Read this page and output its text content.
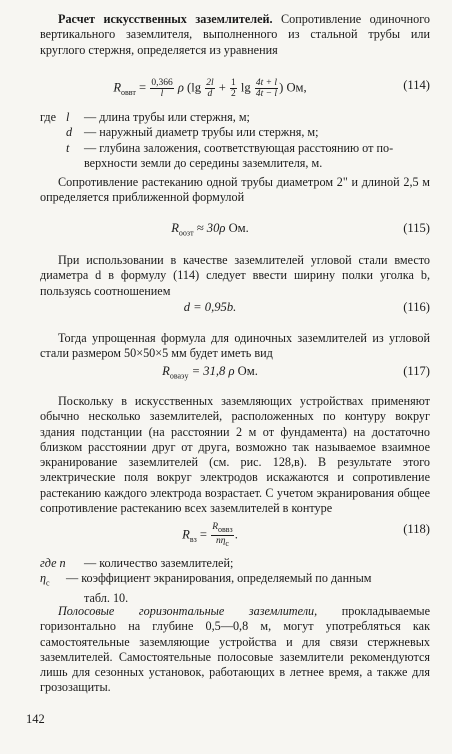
Расчет искусственных заземлителей. Сопротивление одиночного вертикального заземлителя, выполненного из стальной трубы или круглого стержня, определяется из уравнения
$R_{оввт} = \frac{0,366}{l}$ ρ ($\lg \frac{2l}{d} + \frac{1}{2}$ $\lg \frac{4t + l}{4t - l}$ ) Ом,	(114)
где l	— длина трубы или стержня, м;
d — наружный диаметр трубы или стержня, м;
t	— глубина заложения, соответствующая расстоянию от по-
верхности земли до середины заземлителя, м.
Сопротивление растеканию одной трубы диаметром 2" и длиной 2,5 м определяется приближенной формулой
$R_{оозт} \approx 30\rho$ Ом.	(115)
При использовании в качестве заземлителей угловой стали вместо диаметра d в формулу (114) следует ввести ширину полки уголка b, пользуясь соотношением
d = 0,95b.	(116)
Тогда упрощенная формула для одиночных заземлителей из угловой стали размером 50×50×5 мм будет иметь вид
$R_{оваэу} = 31,8$ ρ Ом.	(117)
Поскольку в искусственных заземляющих устройствах применяют обычно несколько заземлителей, расположенных по контуру вокруг здания подстанции (на расстоянии 2 м от фундамента) на достаточно близком расстоянии друг от друга, возможно так называемое взаимное экранирование заземлителей (см. рис. 128,в). В результате этого электрические поля вокруг электродов искажаются и сопротивление растеканию каждого электрода возрастает. С учетом экранирования общее сопротивление растеканию всех заземлителей в контуре
$R_{вз} = \frac{R_{оввз}}{n\eta_с}$ .	(118)
где n	— количество заземлителей;
$\eta_с$	— коэффициент экранирования, определяемый по данным
табл. 10.
Полосовые горизонтальные заземлители, прокладываемые горизонтально на глубине 0,5—0,8 м, могут употребляться как самостоятельные заземляющие устройства и для связи стержневых заземлителей. Самостоятельные полосовые заземлители рекомендуются лишь для сезонных установок, работающих в летнее время, а также для грозозащиты.
142
